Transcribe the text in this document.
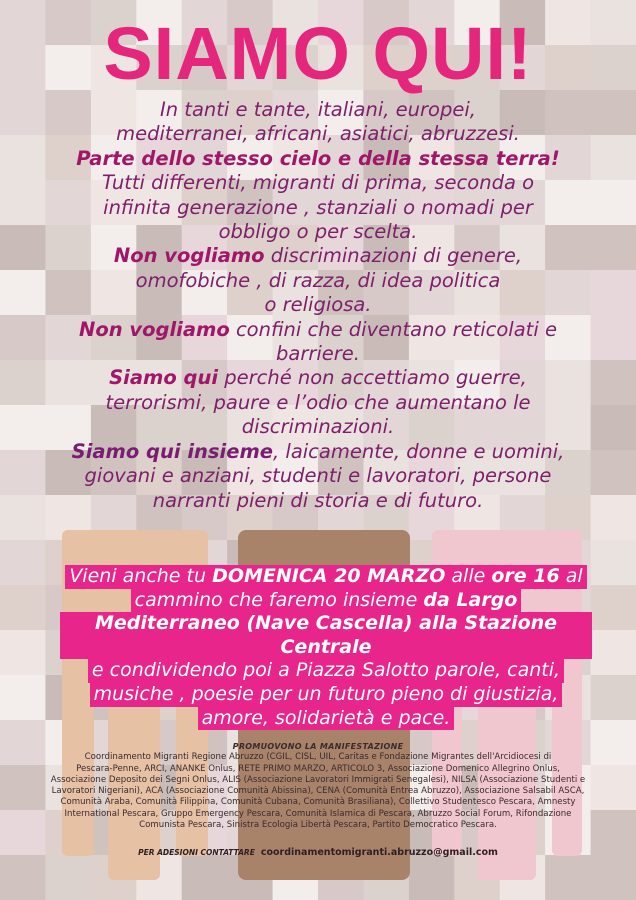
SIAMO QUI!

In tanti e tante, italiani, europei,

mediterranei, africani, asiatici, abruzzesi.

Parte dello stesso cielo e della stessa terra!

Tutti differenti, migranti di prima, seconda o

infinita generazione , stanziali o nomadi per

obbligo o per scelta.

Non vogliamo discriminazioni di genere,

omofobiche , di razza, di idea politica

o religiosa.

Non vogliamo confini che diventano reticolati e

barriere.

Siamo qui perché non accettiamo guerre,

terrorismi, paure e l’odio che aumentano le

discriminazioni.

Siamo qui insieme, laicamente, donne e uomini,

giovani e anziani, studenti e lavoratori, persone

narranti pieni di storia e di futuro.

Vieni anche tu DOMENICA 20 MARZO alle ore 16 al
cammino che faremo insieme da Largo
Mediterraneo (Nave Cascella) alla Stazione Centrale
e condividendo poi a Piazza Salotto parole, canti,
musiche , poesie per un futuro pieno di giustizia,
amore, solidarietà e pace.
PROMUOVONO LA MANIFESTAZIONE
Coordinamento Migranti Regione Abruzzo (CGIL, CISL, UIL, Caritas e Fondazione Migrantes dell'Arcidiocesi di
Pescara-Penne, ARCI, ANANKE Onlus, RETE PRIMO MARZO, ARTICOLO 3, Associazione Domenico Allegrino Onlus,
Associazione Deposito dei Segni Onlus, ALIS (Associazione Lavoratori Immigrati Senegalesi), NILSA (Associazione Studenti e
Lavoratori Nigeriani), ACA (Associazione Comunità Abissina), CENA (Comunità Entrea Abruzzo), Associazione Salsabil ASCA,
Comunità Araba, Comunità Filippina, Comunità Cubana, Comunità Brasiliana), Collettivo Studentesco Pescara, Amnesty
International Pescara, Gruppo Emergency Pescara, Comunità Islamica di Pescara, Abruzzo Social Forum, Rifondazione
Comunista Pescara, Sinistra Ecologia Libertà Pescara, Partito Democratico Pescara.
PER ADESIONI CONTATTARE coordinamentomigranti.abruzzo@gmail.com
